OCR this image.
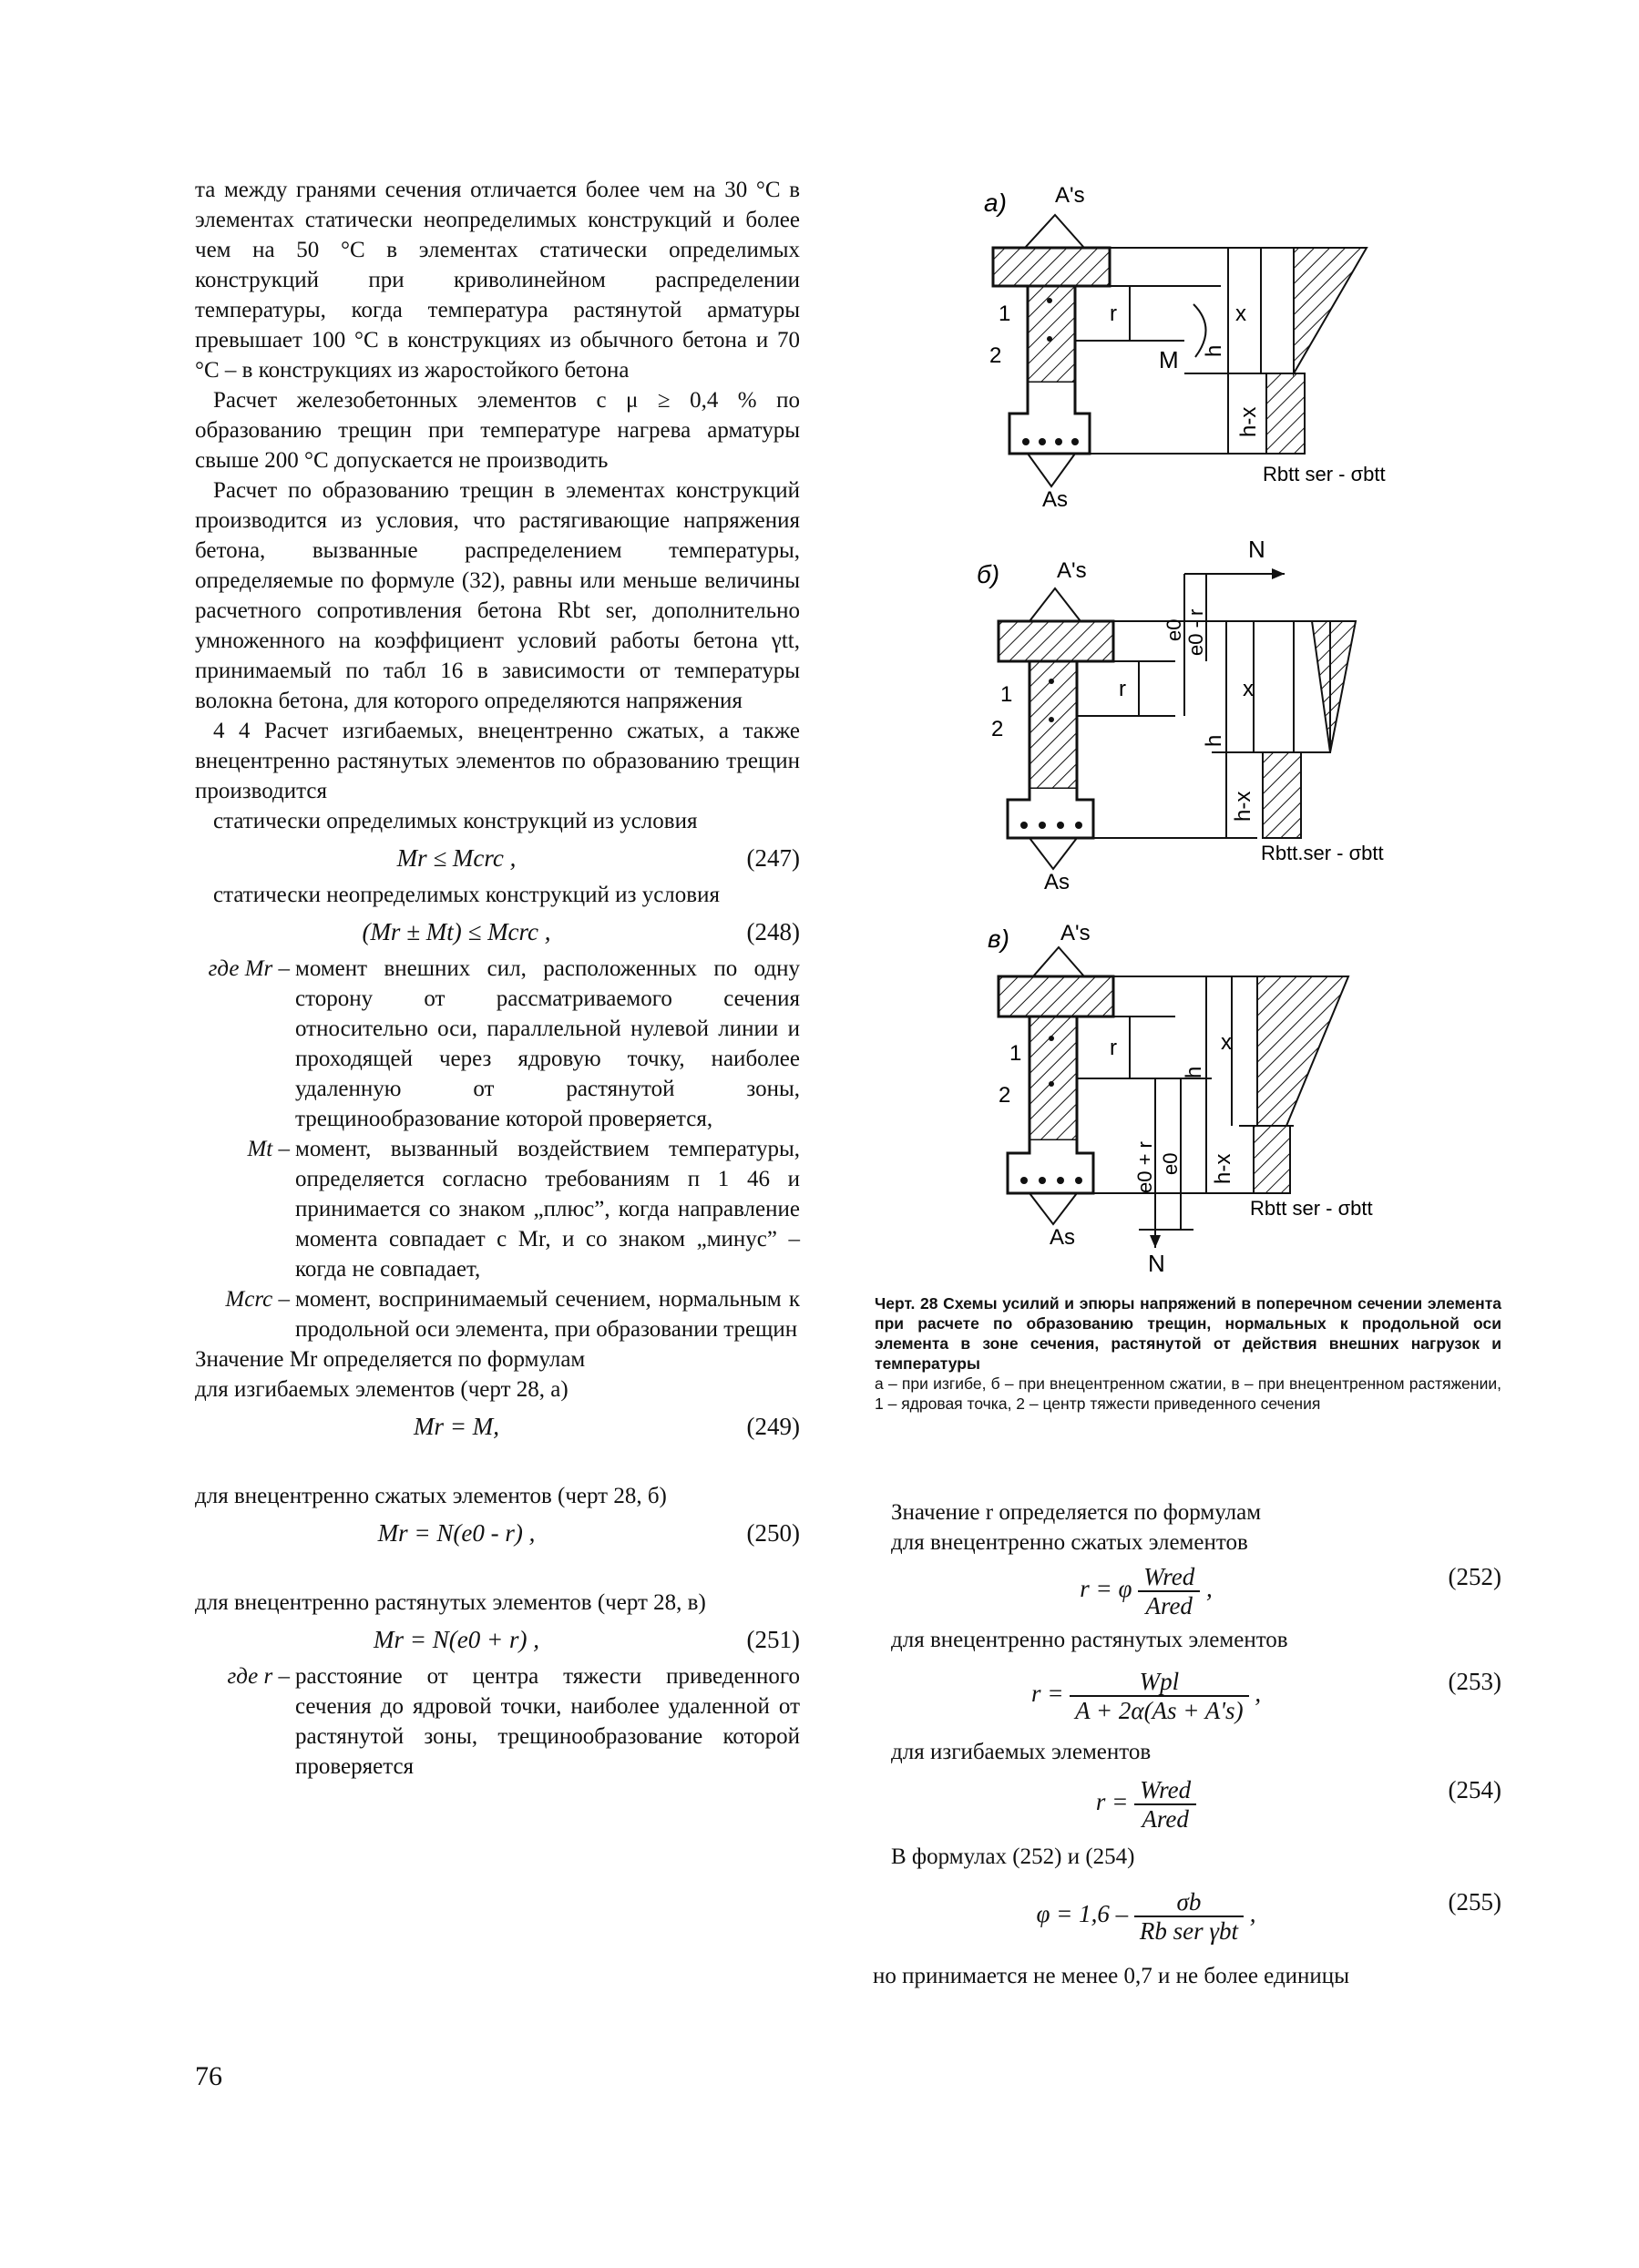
та между гранями сечения отличается более чем на 30 °С в элементах статически неопределимых конструкций и более чем на 50 °С в элементах статически определимых конструкций при криволинейном распределении температуры, когда температура растянутой арматуры превышает 100 °С в конструкциях из обычного бетона и 70 °С – в конструкциях из жаростойкого бетона

Расчет железобетонных элементов с μ ≥ 0,4 % по образованию трещин при температуре нагрева арматуры свыше 200 °С допускается не производить

Расчет по образованию трещин в элементах конструкций производится из условия, что растягивающие напряжения бетона, вызванные распределением температуры, определяемые по формуле (32), равны или меньше величины расчетного сопротивления бетона Rbt ser, дополнительно умноженного на коэффициент условий работы бетона γtt, принимаемый по табл 16 в зависимости от температуры волокна бетона, для которого определяются напряжения

4 4 Расчет изгибаемых, внецентренно сжатых, а также внецентренно растянутых элементов по образованию трещин производится

статически определимых конструкций из условия

Mr ≤ Mcrc ,	(247)

статически неопределимых конструкций из условия

(Mr ± Mt) ≤ Mcrc ,	(248)
где Mr – момент внешних сил, расположенных по одну сторону от рассматриваемого сечения относительно оси, параллельной нулевой линии и проходящей через ядровую точку, наиболее удаленную от растянутой зоны, трещинообразование которой проверяется,
Mt – момент, вызванный воздействием температуры, определяется согласно требованиям п 1 46 и принимается со знаком „плюс”, когда направление момента совпадает с Mr, и со знаком „минус” – когда не совпадает,
Mcrc – момент, воспринимаемый сечением, нормальным к продольной оси элемента, при образовании трещин

Значение Mr определяется по формулам

для изгибаемых элементов (черт 28, а)

Mr = M,	(249)

для внецентренно сжатых элементов (черт 28, б)

Mr = N(e0 - r) ,	(250)

для внецентренно растянутых элементов (черт 28, в)

Mr = N(e0 + r) ,	(251)
где r – расстояние от центра тяжести приведенного сечения до ядровой точки, наиболее удаленной от растянутой зоны, трещинообразование которой проверяется
а) A's
As
r
1
2	M h
x
h-x
Rbtt ser - σbtt
б)	A's
As
r
1
2
N
e0 e0 - r
h
x
h-x
Rbtt.ser - σbtt
в) A's
As
r
1
2
e0 + r e0
N
h
x
h-x
Rbtt ser - σbtt
Черт. 28 Схемы усилий и эпюры напряжений в поперечном сечении элемента при расчете по образованию трещин, нормальных к продольной оси элемента в зоне сечения, растянутой от действия внешних нагрузок и температуры
а – при изгибе, б – при внецентренном сжатии, в – при внецентренном растяжении, 1 – ядровая точка, 2 – центр тяжести приведенного сечения

Значение r определяется по формулам

для внецентренно сжатых элементов

r = φ $\frac{\text{Wred}}{\text{Ared}}$ ,	(252)

для внецентренно растянутых элементов

$r = \frac{\text{Wpl}}{A + 2\alpha(As + A's)}$ ,	(253)

для изгибаемых элементов

$r = \frac{\text{Wred}}{\text{Ared}}$	(254)

В формулах (252) и (254)

$\varphi = 1,6 - \frac{\sigma b}{\text{Rb ser γbt}}$ ,	(255)

но принимается не менее 0,7 и не более единицы

76
